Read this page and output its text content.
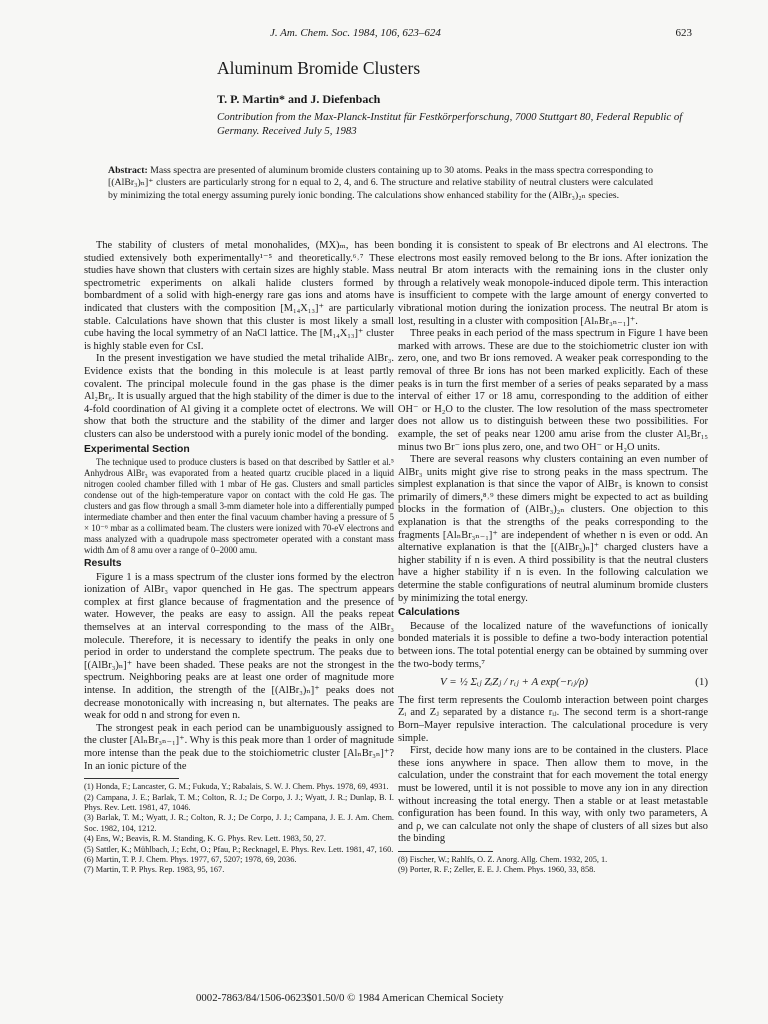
J. Am. Chem. Soc. 1984, 106, 623–624	623
Aluminum Bromide Clusters
T. P. Martin* and J. Diefenbach
Contribution from the Max-Planck-Institut für Festkörperforschung, 7000 Stuttgart 80, Federal Republic of Germany. Received July 5, 1983
Abstract: Mass spectra are presented of aluminum bromide clusters containing up to 30 atoms. Peaks in the mass spectra corresponding to [(AlBr₃)ₙ]⁺ clusters are particularly strong for n equal to 2, 4, and 6. The structure and relative stability of neutral clusters were calculated by minimizing the total energy assuming purely ionic bonding. The calculations show enhanced stability for the (AlBr₃)₂ₙ species.

The stability of clusters of metal monohalides, (MX)ₘ, has been studied extensively both experimentally¹⁻⁵ and theoretically.⁶˒⁷ These studies have shown that clusters with certain sizes are highly stable. Mass spectrometric experiments on alkali halide clusters formed by bombardment of a solid with high-energy rare gas ions and atoms have indicated that clusters with the composition [M₁₄X₁₃]⁺ are particularly stable. Calculations have shown that this cluster is most likely a small cube having the local symmetry of an NaCl lattice. The [M₁₄X₁₃]⁺ cluster is highly stable even for CsI.

In the present investigation we have studied the metal trihalide AlBr₃. Evidence exists that the bonding in this molecule is at least partly covalent. The principal molecule found in the gas phase is the dimer Al₂Br₆. It is usually argued that the high stability of the dimer is due to the 4-fold coordination of Al giving it a complete octet of electrons. We will show that both the structure and the stability of the dimer and larger clusters can also be understood with a purely ionic model of the bonding.

Experimental Section

The technique used to produce clusters is based on that described by Sattler et al.⁵ Anhydrous AlBr₃ was evaporated from a heated quartz crucible placed in a liquid nitrogen cooled chamber filled with 1 mbar of He gas. Clusters and small particles condense out of the high-temperature vapor on contact with the cold He gas. The clusters and gas flow through a small 3-mm diameter hole into a differentially pumped intermediate chamber and then enter the final vacuum chamber having a pressure of 5 × 10⁻⁶ mbar as a collimated beam. The clusters were ionized with 70-eV electrons and mass analyzed with a quadrupole mass spectrometer operated with a constant mass width Δm of 8 amu over a range of 0–2000 amu.

Results

Figure 1 is a mass spectrum of the cluster ions formed by the electron ionization of AlBr₃ vapor quenched in He gas. The spectrum appears complex at first glance because of fragmentation and the presence of water. However, the peaks are easy to assign. All the peaks repeat themselves at an interval corresponding to the mass of the AlBr₃ molecule. Therefore, it is necessary to identify the peaks in only one period in order to understand the complete spectrum. The peaks due to [(AlBr₃)ₙ]⁺ have been shaded. These peaks are not the strongest in the spectrum. Neighboring peaks are at least one order of magnitude more intense. In addition, the strength of the [(AlBr₃)ₙ]⁺ peaks does not decrease monotonically with increasing n, but alternates. The peaks are weak for odd n and strong for even n.

The strongest peak in each period can be unambiguously assigned to the cluster [AlₙBr₃ₙ₋₁]⁺. Why is this peak more than 1 order of magnitude more intense than the peak due to the stoichiometric cluster [AlₙBr₃ₙ]⁺? In an ionic picture of the

(1) Honda, F.; Lancaster, G. M.; Fukuda, Y.; Rabalais, S. W. J. Chem. Phys. 1978, 69, 4931.
(2) Campana, J. E.; Barlak, T. M.; Colton, R. J.; De Corpo, J. J.; Wyatt, J. R.; Dunlap, B. I. Phys. Rev. Lett. 1981, 47, 1046.
(3) Barlak, T. M.; Wyatt, J. R.; Colton, R. J.; De Corpo, J. J.; Campana, J. E. J. Am. Chem. Soc. 1982, 104, 1212.
(4) Ens, W.; Beavis, R. M. Standing, K. G. Phys. Rev. Lett. 1983, 50, 27.
(5) Sattler, K.; Mühlbach, J.; Echt, O.; Pfau, P.; Recknagel, E. Phys. Rev. Lett. 1981, 47, 160.
(6) Martin, T. P. J. Chem. Phys. 1977, 67, 5207; 1978, 69, 2036.
(7) Martin, T. P. Phys. Rep. 1983, 95, 167.

bonding it is consistent to speak of Br electrons and Al electrons. The electrons most easily removed belong to the Br ions. After ionization the neutral Br atom interacts with the remaining ions in the cluster only through a relatively weak monopole-induced dipole term. This interaction is insufficient to compete with the large amount of energy converted to vibrational motion during the ionization process. The neutral Br atom is lost, resulting in a cluster with composition [AlₙBr₃ₙ₋₁]⁺.

Three peaks in each period of the mass spectrum in Figure 1 have been marked with arrows. These are due to the stoichiometric cluster ion with zero, one, and two Br ions removed. A weaker peak corresponding to the removal of three Br ions has not been marked explicitly. Each of these peaks is in turn the first member of a series of peaks separated by a mass interval of either 17 or 18 amu, corresponding to the addition of either OH⁻ or H₂O to the cluster. The low resolution of the mass spectrometer does not allow us to distinguish between these two possibilities. For example, the set of peaks near 1200 amu arise from the cluster Al₅Br₁₅ minus two Br⁻ ions plus zero, one, and two OH⁻ or H₂O units.

There are several reasons why clusters containing an even number of AlBr₃ units might give rise to strong peaks in the mass spectrum. The simplest explanation is that since the vapor of AlBr₃ is known to consist primarily of dimers,⁸˒⁹ these dimers might be expected to act as building blocks in the formation of (AlBr₃)₂ₙ clusters. One objection to this explanation is that the strengths of the peaks corresponding to the fragments [AlₙBr₃ₙ₋₁]⁺ are independent of whether n is even or odd. An alternative explanation is that the [(AlBr₃)ₙ]⁺ charged clusters have a higher stability if n is even. A third possibility is that the neutral clusters have a higher stability if n is even. In the following calculation we determine the stable configurations of neutral aluminum bromide clusters by minimizing the total energy.

Calculations

Because of the localized nature of the wavefunctions of ionically bonded materials it is possible to define a two-body interaction potential between ions. The total potential energy can be obtained by summing over the two-body terms,⁷

V = ½ Σᵢⱼ ZᵢZⱼ / rᵢⱼ + A exp(−rᵢⱼ/ρ)	(1)

The first term represents the Coulomb interaction between point charges Zᵢ and Zⱼ separated by a distance rᵢⱼ. The second term is a short-range Born–Mayer repulsive interaction. The calculational procedure is very simple.

First, decide how many ions are to be contained in the clusters. Place these ions anywhere in space. Then allow them to move, in the calculation, under the constraint that for each movement the total energy must be lowered, until it is not possible to move any ion in any direction without increasing the total energy. Then a stable or at least metastable configuration has been found. In this way, with only two parameters, A and ρ, we can calculate not only the shape of clusters of all sizes but also the binding

(8) Fischer, W.; Rahlfs, O. Z. Anorg. Allg. Chem. 1932, 205, 1.
(9) Porter, R. F.; Zeller, E. E. J. Chem. Phys. 1960, 33, 858.
0002-7863/84/1506-0623$01.50/0 © 1984 American Chemical Society
